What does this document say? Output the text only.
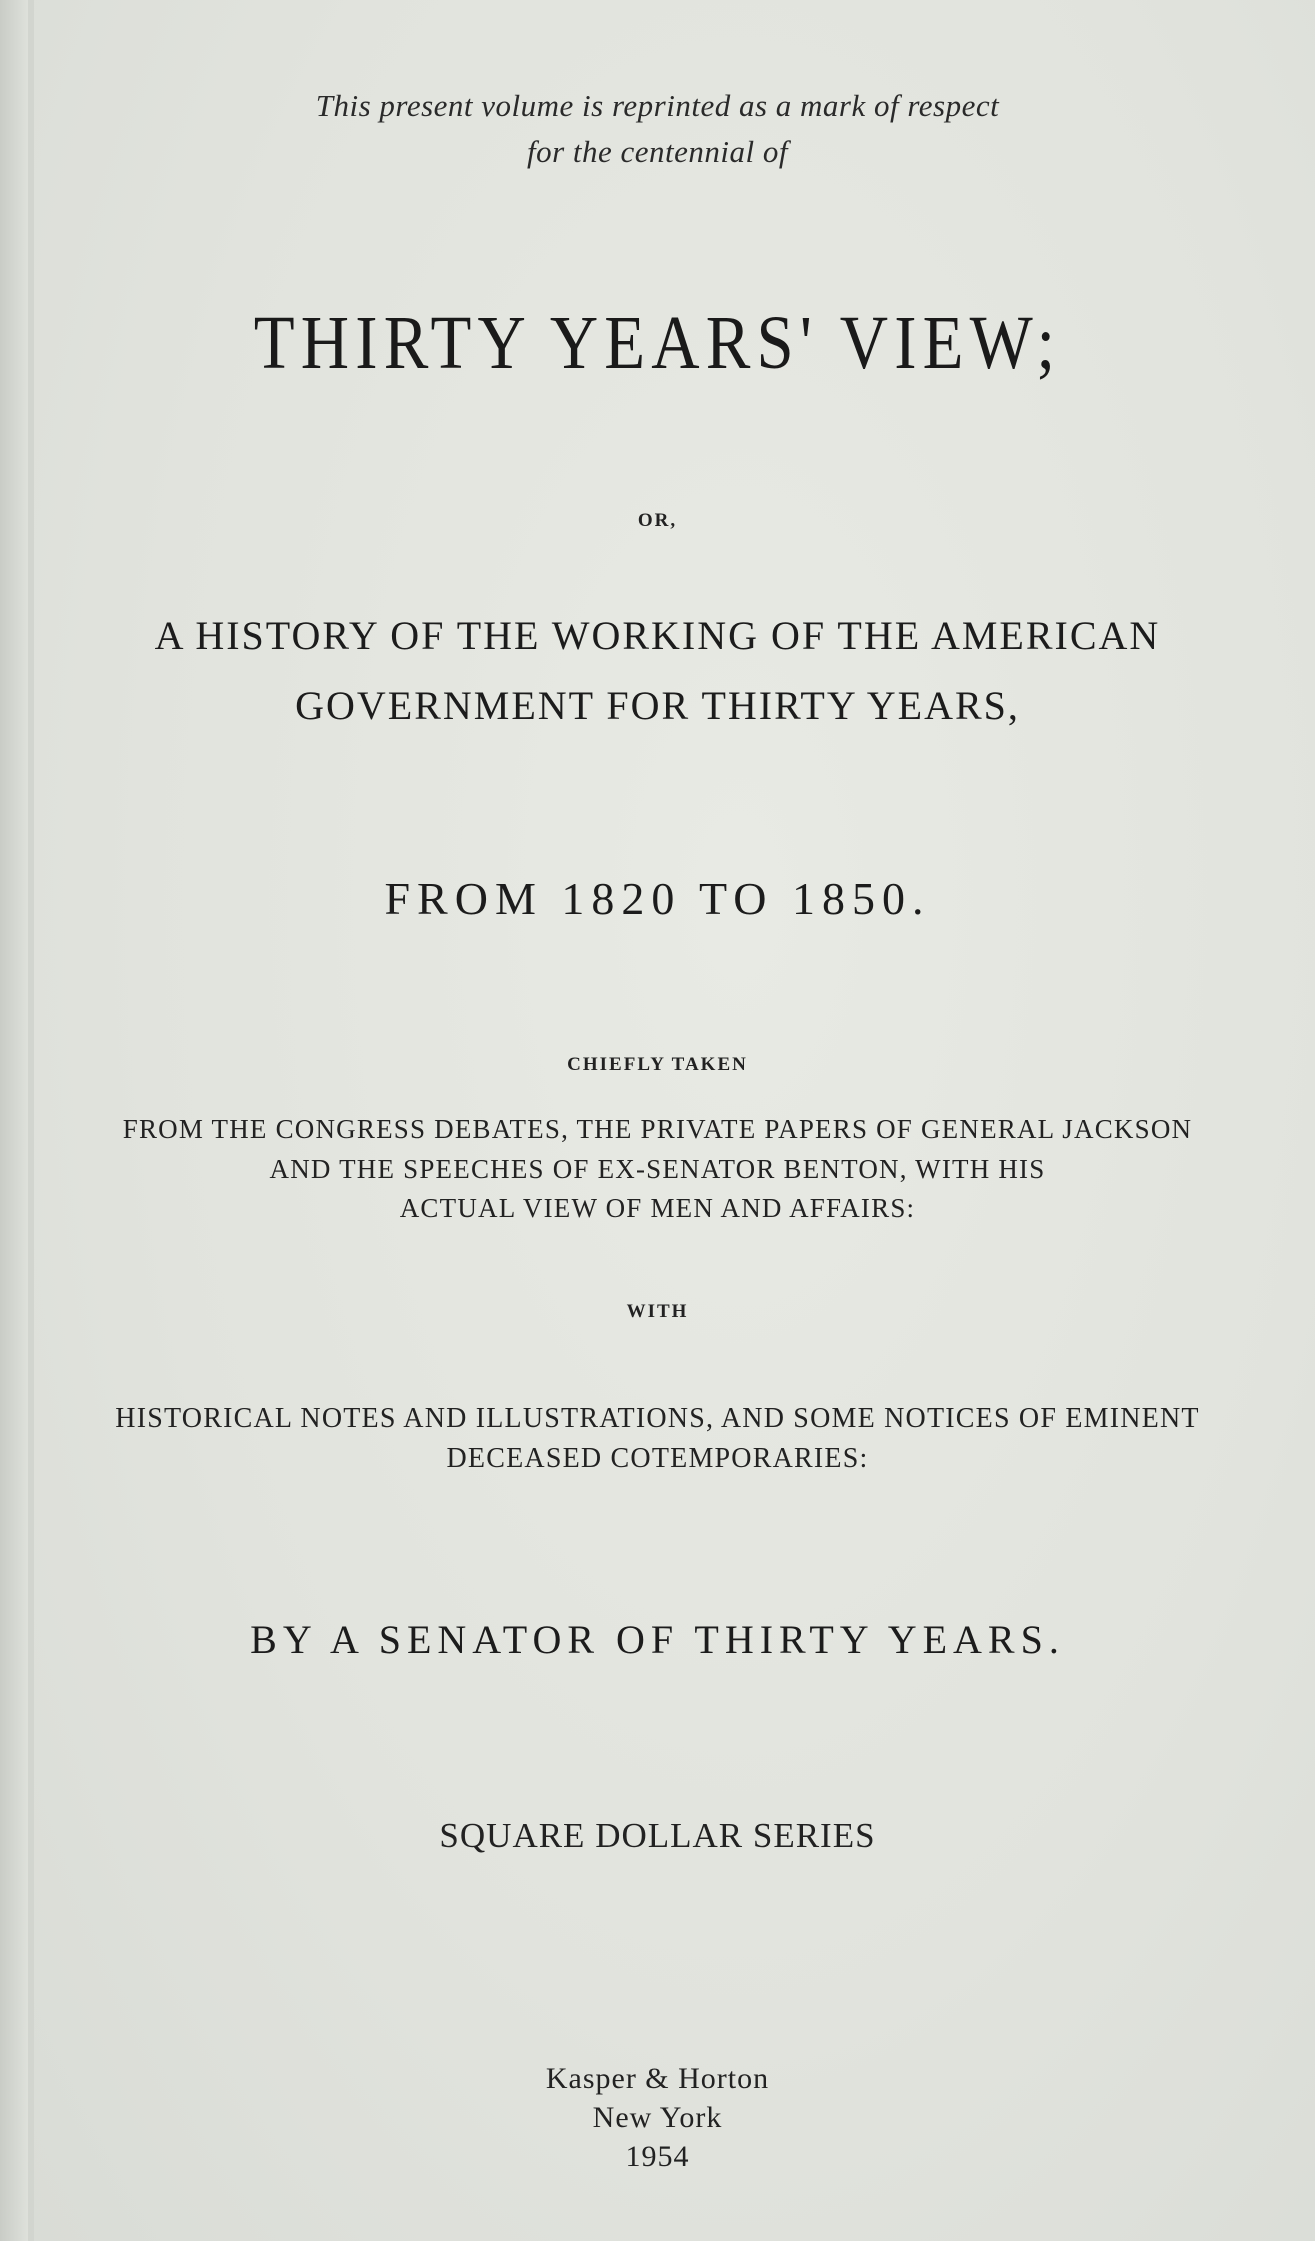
This present volume is reprinted as a mark of respect

for the centennial of

THIRTY YEARS' VIEW;

OR,

A HISTORY OF THE WORKING OF THE AMERICAN

GOVERNMENT FOR THIRTY YEARS,

FROM 1820 TO 1850.

CHIEFLY TAKEN

FROM THE CONGRESS DEBATES, THE PRIVATE PAPERS OF GENERAL JACKSON

AND THE SPEECHES OF EX-SENATOR BENTON, WITH HIS

ACTUAL VIEW OF MEN AND AFFAIRS:

WITH

HISTORICAL NOTES AND ILLUSTRATIONS, AND SOME NOTICES OF EMINENT

DECEASED COTEMPORARIES:

BY A SENATOR OF THIRTY YEARS.

SQUARE DOLLAR SERIES

Kasper & Horton

New York

1954
